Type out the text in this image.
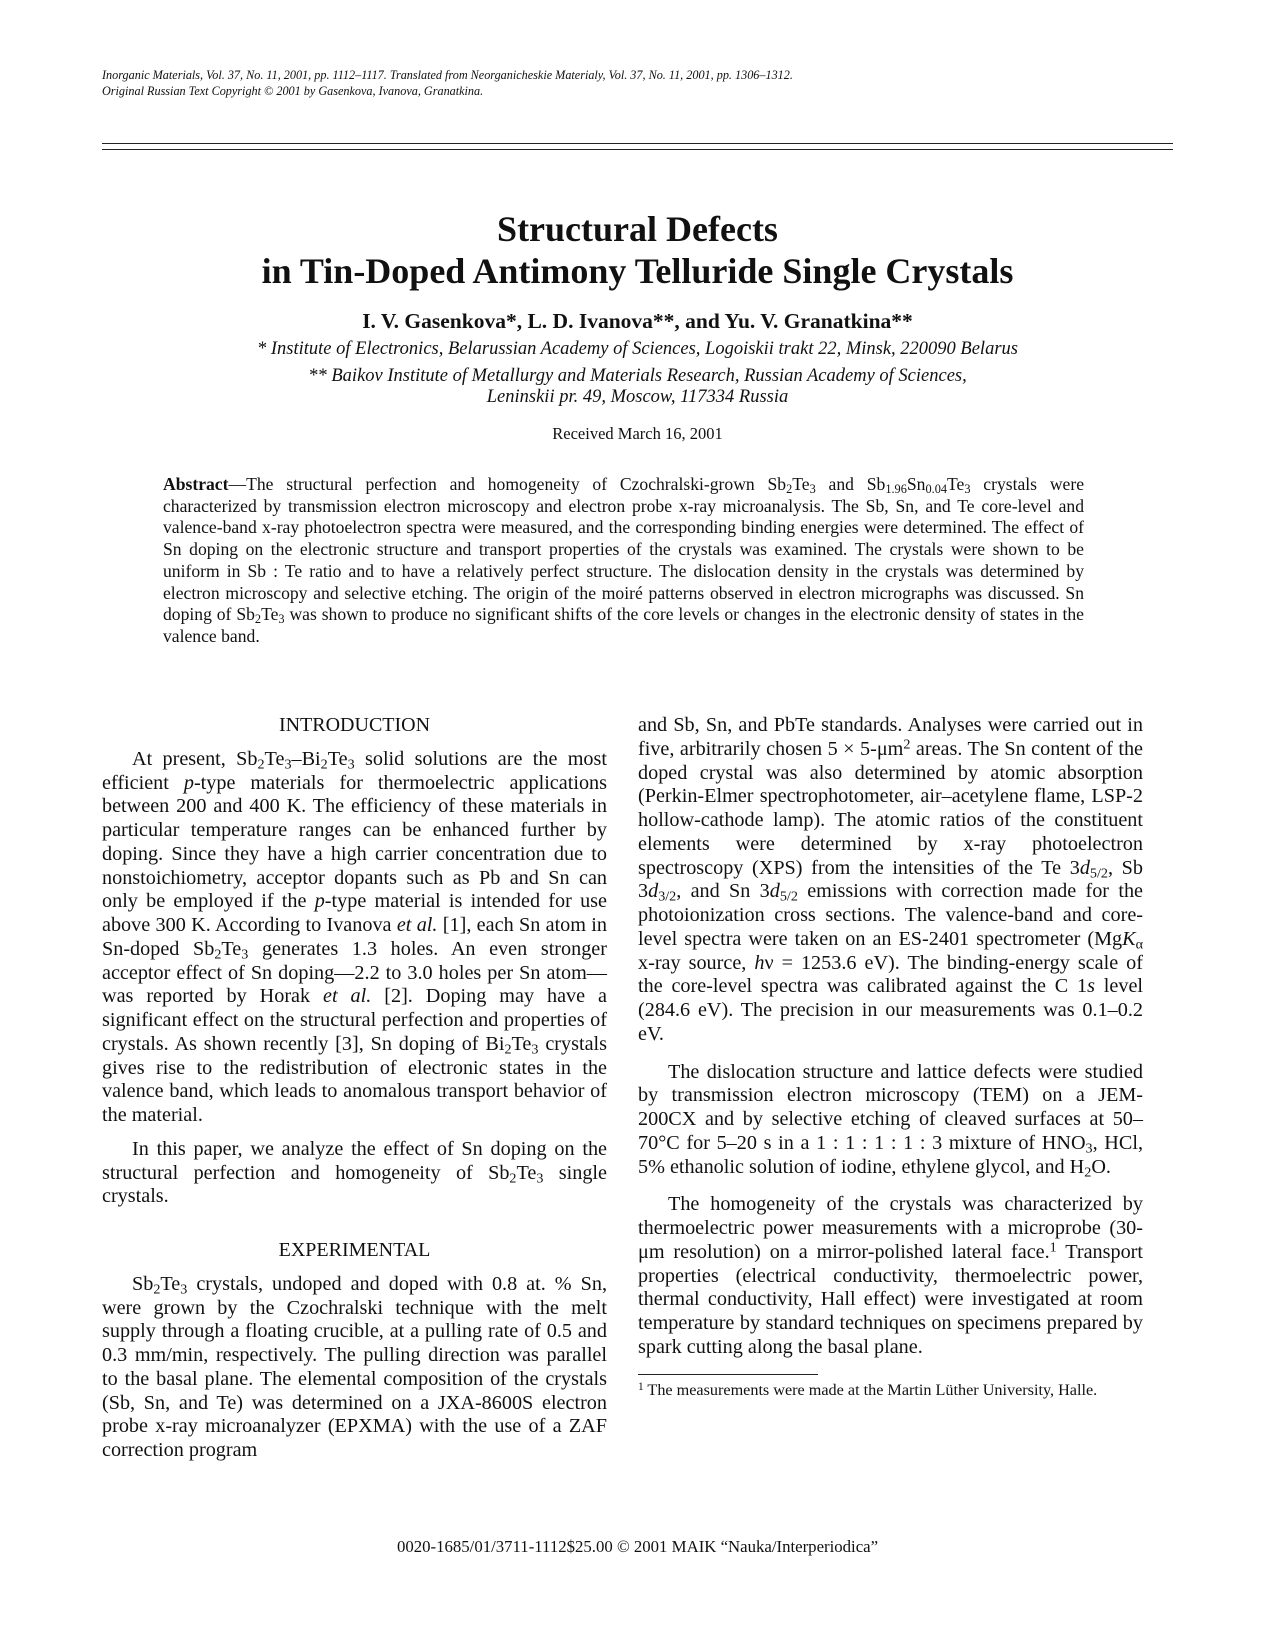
Inorganic Materials, Vol. 37, No. 11, 2001, pp. 1112–1117. Translated from Neorganicheskie Materialy, Vol. 37, No. 11, 2001, pp. 1306–1312.
Original Russian Text Copyright © 2001 by Gasenkova, Ivanova, Granatkina.
Structural Defects
in Tin-Doped Antimony Telluride Single Crystals
I. V. Gasenkova*, L. D. Ivanova**, and Yu. V. Granatkina**
* Institute of Electronics, Belarussian Academy of Sciences, Logoiskii trakt 22, Minsk, 220090 Belarus
** Baikov Institute of Metallurgy and Materials Research, Russian Academy of Sciences,
Leninskii pr. 49, Moscow, 117334 Russia
Received March 16, 2001
Abstract—The structural perfection and homogeneity of Czochralski-grown $Sb_2Te_3$ and $Sb_{1.96}Sn_{0.04}Te_3$ crystals were characterized by transmission electron microscopy and electron probe x-ray microanalysis. The Sb, Sn, and Te core-level and valence-band x-ray photoelectron spectra were measured, and the corresponding binding energies were determined. The effect of Sn doping on the electronic structure and transport properties of the crystals was examined. The crystals were shown to be uniform in Sb : Te ratio and to have a relatively perfect structure. The dislocation density in the crystals was determined by electron microscopy and selective etching. The origin of the moiré patterns observed in electron micrographs was discussed. Sn doping of $Sb_2Te_3$ was shown to produce no significant shifts of the core levels or changes in the electronic density of states in the valence band.
INTRODUCTION

At present, $Sb_2Te_3-Bi_2Te_3$ solid solutions are the most efficient p-type materials for thermoelectric applications between 200 and 400 K. The efficiency of these materials in particular temperature ranges can be enhanced further by doping. Since they have a high carrier concentration due to nonstoichiometry, acceptor dopants such as Pb and Sn can only be employed if the p-type material is intended for use above 300 K. According to Ivanova et al. [1], each Sn atom in Sn-doped $Sb_2Te_3$ generates 1.3 holes. An even stronger acceptor effect of Sn doping—2.2 to 3.0 holes per Sn atom—was reported by Horak et al. [2]. Doping may have a significant effect on the structural perfection and properties of crystals. As shown recently [3], Sn doping of $Bi_2Te_3$ crystals gives rise to the redistribution of electronic states in the valence band, which leads to anomalous transport behavior of the material.

In this paper, we analyze the effect of Sn doping on the structural perfection and homogeneity of $Sb_2Te_3$ single crystals.

EXPERIMENTAL

$Sb_2Te_3$ crystals, undoped and doped with 0.8 at. % Sn, were grown by the Czochralski technique with the melt supply through a floating crucible, at a pulling rate of 0.5 and 0.3 mm/min, respectively. The pulling direction was parallel to the basal plane. The elemental composition of the crystals (Sb, Sn, and Te) was determined on a JXA-8600S electron probe x-ray microanalyzer (EPXMA) with the use of a ZAF correction program

and Sb, Sn, and PbTe standards. Analyses were carried out in five, arbitrarily chosen $5 \times 5-\mu m^2$ areas. The Sn content of the doped crystal was also determined by atomic absorption (Perkin-Elmer spectrophotometer, air–acetylene flame, LSP-2 hollow-cathode lamp). The atomic ratios of the constituent elements were determined by x-ray photoelectron spectroscopy (XPS) from the intensities of the Te $3d_{5/2}$, Sb $3d_{3/2}$, and Sn $3d_{5/2}$ emissions with correction made for the photoionization cross sections. The valence-band and core-level spectra were taken on an ES-2401 spectrometer (MgK$_\alpha$ x-ray source, hν = 1253.6 eV). The binding-energy scale of the core-level spectra was calibrated against the C 1s level (284.6 eV). The precision in our measurements was 0.1–0.2 eV.

The dislocation structure and lattice defects were studied by transmission electron microscopy (TEM) on a JEM-200CX and by selective etching of cleaved surfaces at 50–70°C for 5–20 s in a 1 : 1 : 1 : 1 : 3 mixture of $HNO_3$, HCl, 5% ethanolic solution of iodine, ethylene glycol, and $H_2O$.

The homogeneity of the crystals was characterized by thermoelectric power measurements with a microprobe (30-μm resolution) on a mirror-polished lateral face.$^1$ Transport properties (electrical conductivity, thermoelectric power, thermal conductivity, Hall effect) were investigated at room temperature by standard techniques on specimens prepared by spark cutting along the basal plane.

$^1$ The measurements were made at the Martin Lüther University, Halle.

0020-1685/01/3711-1112$25.00 © 2001 MAIK “Nauka/Interperiodica”
